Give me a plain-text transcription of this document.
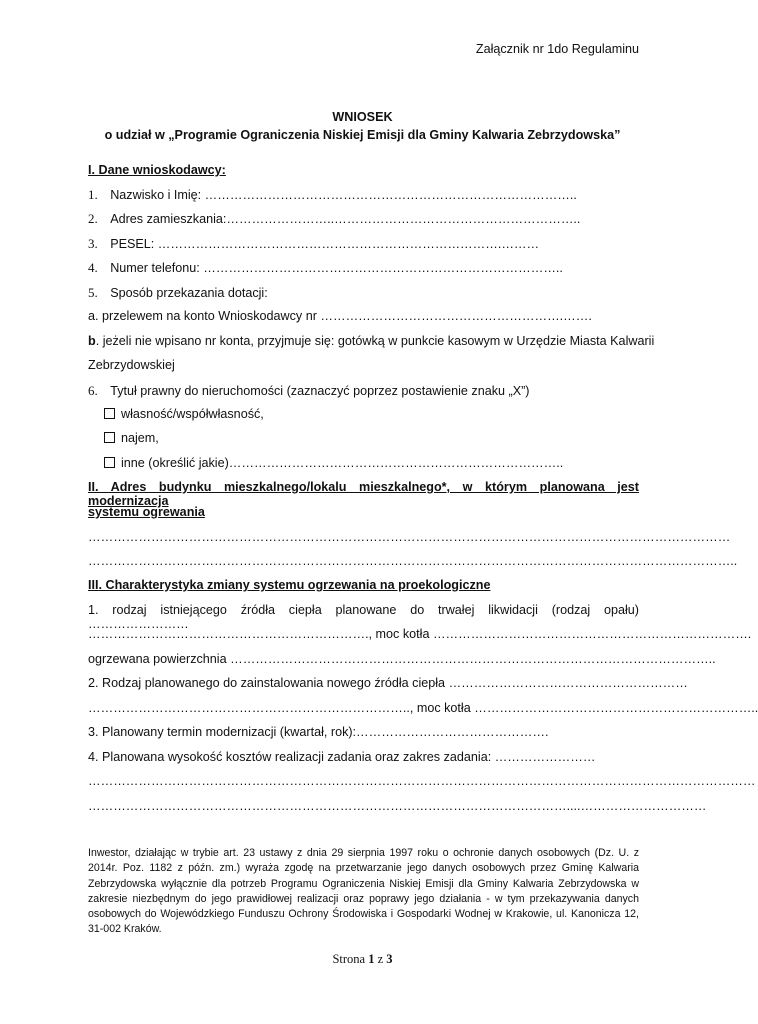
Załącznik nr 1do Regulaminu
WNIOSEK
o udział w „Programie Ograniczenia Niskiej Emisji dla Gminy Kalwaria Zebrzydowska”
I. Dane wnioskodawcy:
1. Nazwisko i Imię: ……………………………………………………………………………..
2. Adres zamieszkania:……………………..…………………………………………………..
3. PESEL: ……………………………………………………………………….………
4. Numer telefonu: …………………………………………………………………………..
5. Sposób przekazania dotacji:
a. przelewem na konto Wnioskodawcy nr ………………………………………………….…….
b. jeżeli nie wpisano nr konta, przyjmuje się: gotówką w punkcie kasowym w Urzędzie Miasta Kalwarii
Zebrzydowskiej
6. Tytuł prawny do nieruchomości (zaznaczyć poprzez postawienie znaku „X”)
własność/współwłasność,
najem,
inne (określić jakie)……………………………………………………………………..
II. Adres budynku mieszkalnego/lokalu mieszkalnego*, w którym planowana jest modernizacja
systemu ogrewania
………………………………………………………………………………………………………………………………………
………………………………………………………………………………………………………………………………………..
III. Charakterystyka zmiany systemu ogrzewania na proekologiczne
1. rodzaj istniejącego źródła ciepła planowane do trwałej likwidacji (rodzaj opału) ……………………
…………………………………………………………., moc kotła ………………………………………………………………….
ogrzewana powierzchnia ……………………………………………………………………………………………………..
2. Rodzaj planowanego do zainstalowania nowego źródła ciepła …………………………………………………
………………………………………………………………….., moc kotła …………………………………………………………..
3. Planowany termin modernizacji (kwartał, rok):……………………………………….
4. Planowana wysokość kosztów realizacji zadania oraz zakres zadania: ……………………
……………………………………………………………………………………………………………………………………………
……………………………………………………………………………………………………....…………………………
Inwestor, działając w trybie art. 23 ustawy z dnia 29 sierpnia 1997 roku o ochronie danych osobowych (Dz. U. z 2014r. Poz. 1182 z późn. zm.) wyraża zgodę na przetwarzanie jego danych osobowych przez Gminę Kalwaria Zebrzydowska wyłącznie dla potrzeb Programu Ograniczenia Niskiej Emisji dla Gminy Kalwaria Zebrzydowska w zakresie niezbędnym do jego prawidłowej realizacji oraz poprawy jego działania - w tym przekazywania danych osobowych do Wojewódzkiego Funduszu Ochrony Środowiska i Gospodarki Wodnej w Krakowie, ul. Kanonicza 12, 31-002 Kraków.
Strona 1 z 3
